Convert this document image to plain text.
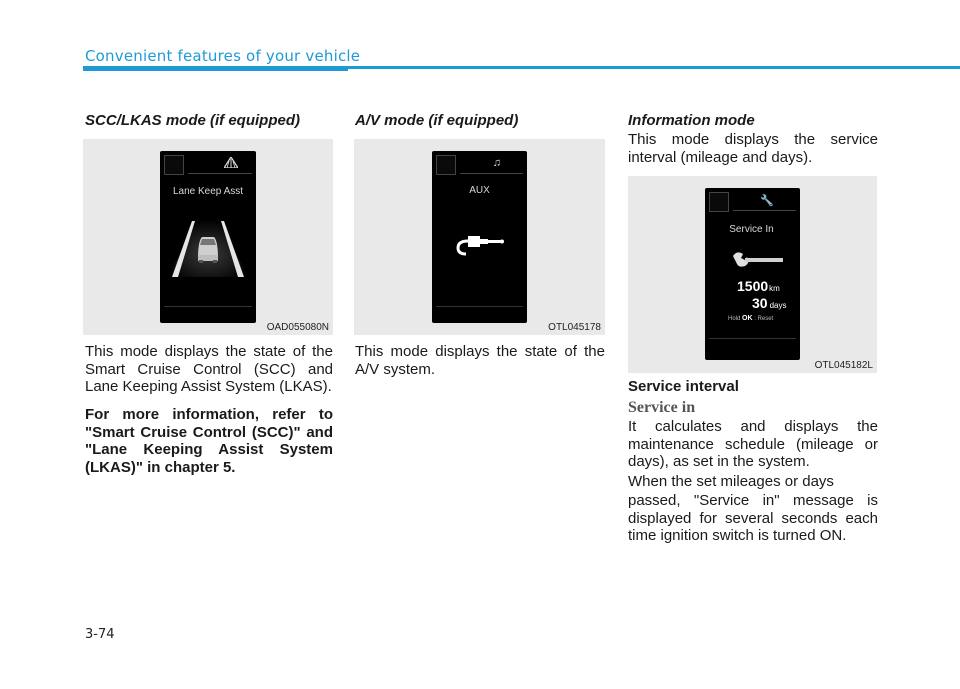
Convenient features of your vehicle
SCC/LKAS mode (if equipped)
Lane Keep Asst
OAD055080N
This mode displays the state of the Smart Cruise Control (SCC) and Lane Keeping Assist System (LKAS).
For more information, refer to "Smart Cruise Control (SCC)" and "Lane Keeping Assist System (LKAS)" in chapter 5.
A/V mode (if equipped)
♫
AUX
OTL045178
This mode displays the state of the A/V system.
Information mode
This mode displays the service interval (mileage and days).
🔧
Service In
1500km
30 days
Hold OK : Reset
OTL045182L
Service interval
Service in
It calculates and displays the maintenance schedule (mileage or days), as set in the system.
When the set mileages or days
passed, "Service in" message is displayed for several seconds each time ignition switch is turned ON.
3-74
